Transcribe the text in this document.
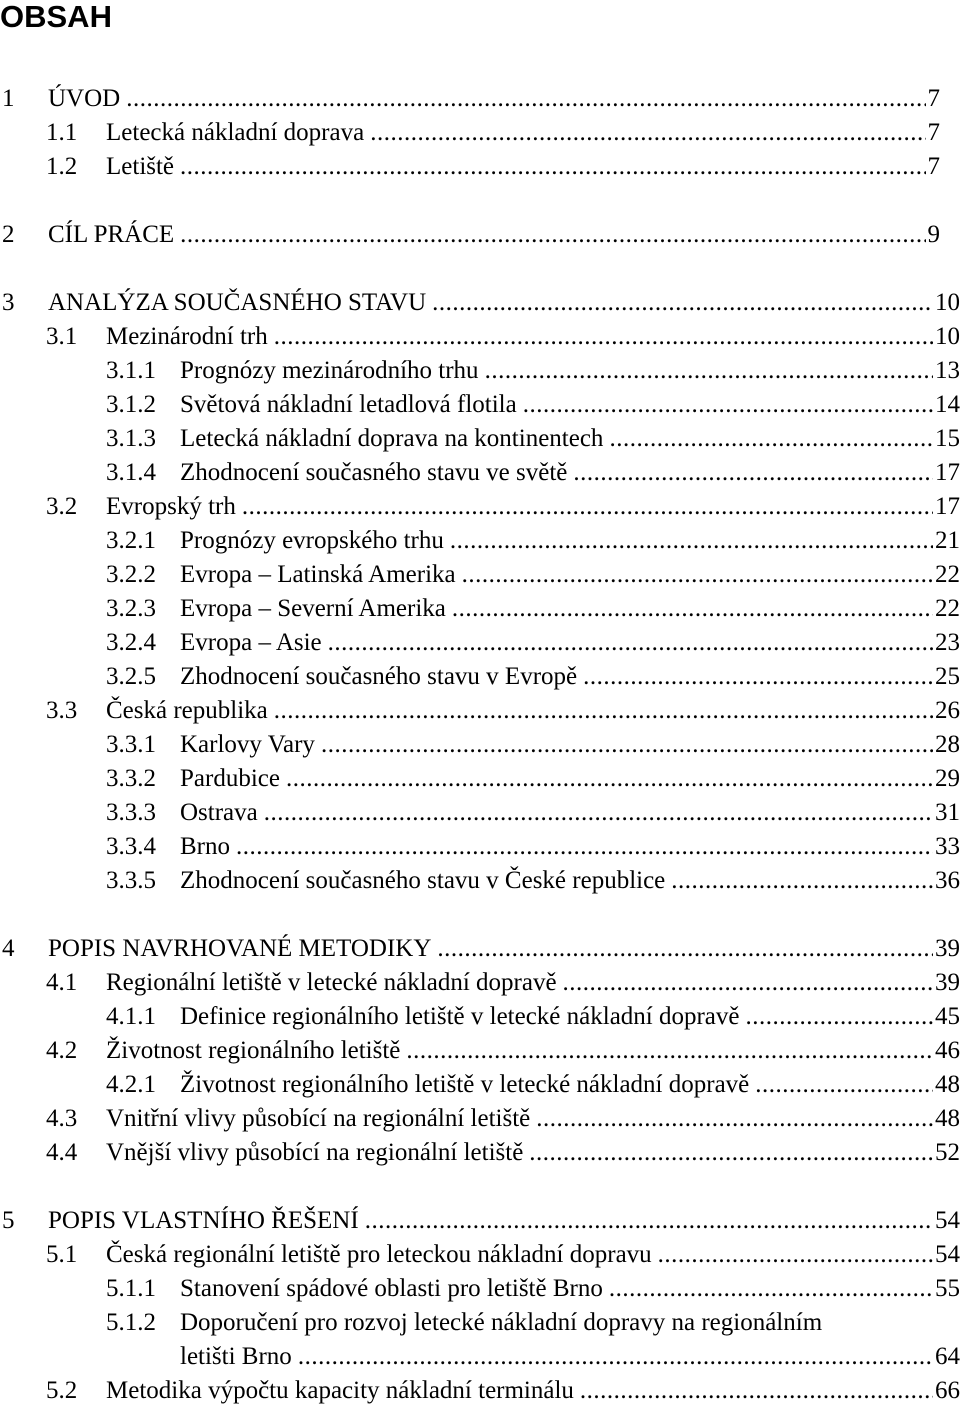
OBSAH
1	ÚVOD .....	7
1.1	Letecká nákladní doprava .....	7
1.2	Letiště .....	7
2	CÍL PRÁCE .....	9
3	ANALÝZA SOUČASNÉHO STAVU .....	10
3.1	Mezinárodní trh .....	10
3.1.1 Prognózy mezinárodního trhu .....	13
3.1.2 Světová nákladní letadlová flotila .....	14
3.1.3 Letecká nákladní doprava na kontinentech .....	15
3.1.4 Zhodnocení současného stavu ve světě .....	17
3.2	Evropský trh .....	17
3.2.1 Prognózy evropského trhu .....	21
3.2.2 Evropa – Latinská Amerika .....	22
3.2.3 Evropa – Severní Amerika .....	22
3.2.4 Evropa – Asie .....	23
3.2.5 Zhodnocení současného stavu v Evropě .....	25
3.3	Česká republika .....	26
3.3.1 Karlovy Vary .....	28
3.3.2 Pardubice .....	29
3.3.3 Ostrava .....	31
3.3.4 Brno .....	33
3.3.5 Zhodnocení současného stavu v České republice .....	36
4	POPIS NAVRHOVANÉ METODIKY .....	39
4.1	Regionální letiště v letecké nákladní dopravě .....	39
4.1.1 Definice regionálního letiště v letecké nákladní dopravě .....	45
4.2	Životnost regionálního letiště .....	46
4.2.1 Životnost regionálního letiště v letecké nákladní dopravě .....	48
4.3	Vnitřní vlivy působící na regionální letiště .....	48
4.4	Vnější vlivy působící na regionální letiště .....	52
5	POPIS VLASTNÍHO ŘEŠENÍ .....	54
5.1	Česká regionální letiště pro leteckou nákladní dopravu .....	54
5.1.1 Stanovení spádové oblasti pro letiště Brno .....	55
5.1.2 Doporučení pro rozvoj letecké nákladní dopravy na regionálním
letišti Brno .....	64
5.2	Metodika výpočtu kapacity nákladní terminálu .....	66
